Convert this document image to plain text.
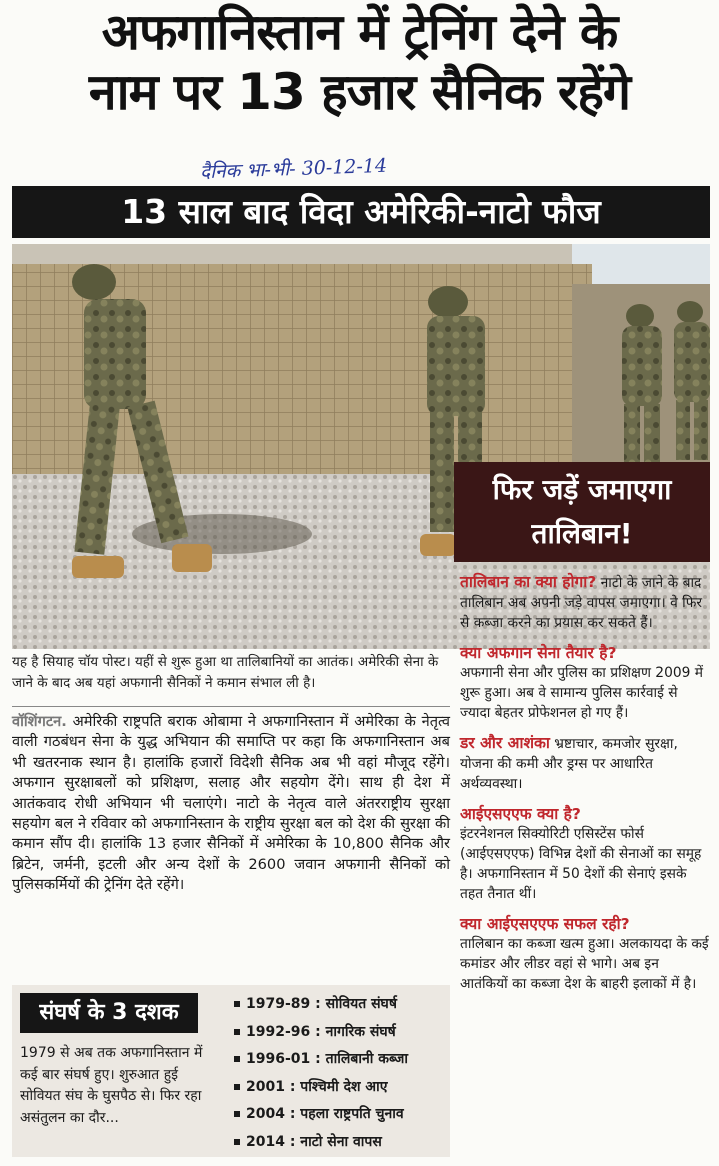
अफगानिस्तान में ट्रेनिंग देने के
नाम पर 13 हजार सैनिक रहेंगे
दैनिक भा-भी- 30-12-14
13 साल बाद विदा अमेरिकी-नाटो फौज
फिर जड़ें जमाएगा
तालिबान!
यह है सियाह चॉय पोस्ट। यहीं से शुरू हुआ था तालिबानियों का आतंक। अमेरिकी सेना के जाने के बाद अब यहां अफगानी सैनिकों ने कमान संभाल ली है।
वॉशिंगटन. अमेरिकी राष्ट्रपति बराक ओबामा ने अफगानिस्तान में अमेरिका के नेतृत्व वाली गठबंधन सेना के युद्ध अभियान की समाप्ति पर कहा कि अफगानिस्तान अब भी खतरनाक स्थान है। हालांकि हजारों विदेशी सैनिक अब भी वहां मौजूद रहेंगे। अफगान सुरक्षाबलों को प्रशिक्षण, सलाह और सहयोग देंगे। साथ ही देश में आतंकवाद रोधी अभियान भी चलाएंगे। नाटो के नेतृत्व वाले अंतरराष्ट्रीय सुरक्षा सहयोग बल ने रविवार को अफगानिस्तान के राष्ट्रीय सुरक्षा बल को देश की सुरक्षा की कमान सौंप दी। हालांकि 13 हजार सैनिकों में अमेरिका के 10,800 सैनिक और ब्रिटेन, जर्मनी, इटली और अन्य देशों के 2600 जवान अफगानी सैनिकों को पुलिसकर्मियों की ट्रेनिंग देते रहेंगे।
तालिबान का क्या होगा? नाटो के जाने के बाद तालिबान अब अपनी जड़े वापस जमाएगा। वे फिर से कब्जा करने का प्रयास कर सकते हैं।
क्या अफगान सेना तैयार है?
अफगानी सेना और पुलिस का प्रशिक्षण 2009 में शुरू हुआ। अब वे सामान्य पुलिस कार्रवाई से ज्यादा बेहतर प्रोफेशनल हो गए हैं।
डर और आशंका भ्रष्टाचार, कमजोर सुरक्षा, योजना की कमी और ड्रग्स पर आधारित अर्थव्यवस्था।
आईएसएएफ क्या है?
इंटरनेशनल सिक्योरिटी एसिस्टेंस फोर्स (आईएसएएफ) विभिन्न देशों की सेनाओं का समूह है। अफगानिस्तान में 50 देशों की सेनाएं इसके तहत तैनात थीं।
क्या आईएसएएफ सफल रही?
तालिबान का कब्जा खत्म हुआ। अलकायदा के कई कमांडर और लीडर वहां से भागे। अब इन आतंकियों का कब्जा देश के बाहरी इलाकों में है।
संघर्ष के 3 दशक
1979 से अब तक अफगानिस्तान में कई बार संघर्ष हुए। शुरुआत हुई सोवियत संघ के घुसपैठ से। फिर रहा असंतुलन का दौर...
1979-89 : सोवियत संघर्ष
1992-96 : नागरिक संघर्ष
1996-01 : तालिबानी कब्जा
2001 : पश्चिमी देश आए
2004 : पहला राष्ट्रपति चुनाव
2014 : नाटो सेना वापस
